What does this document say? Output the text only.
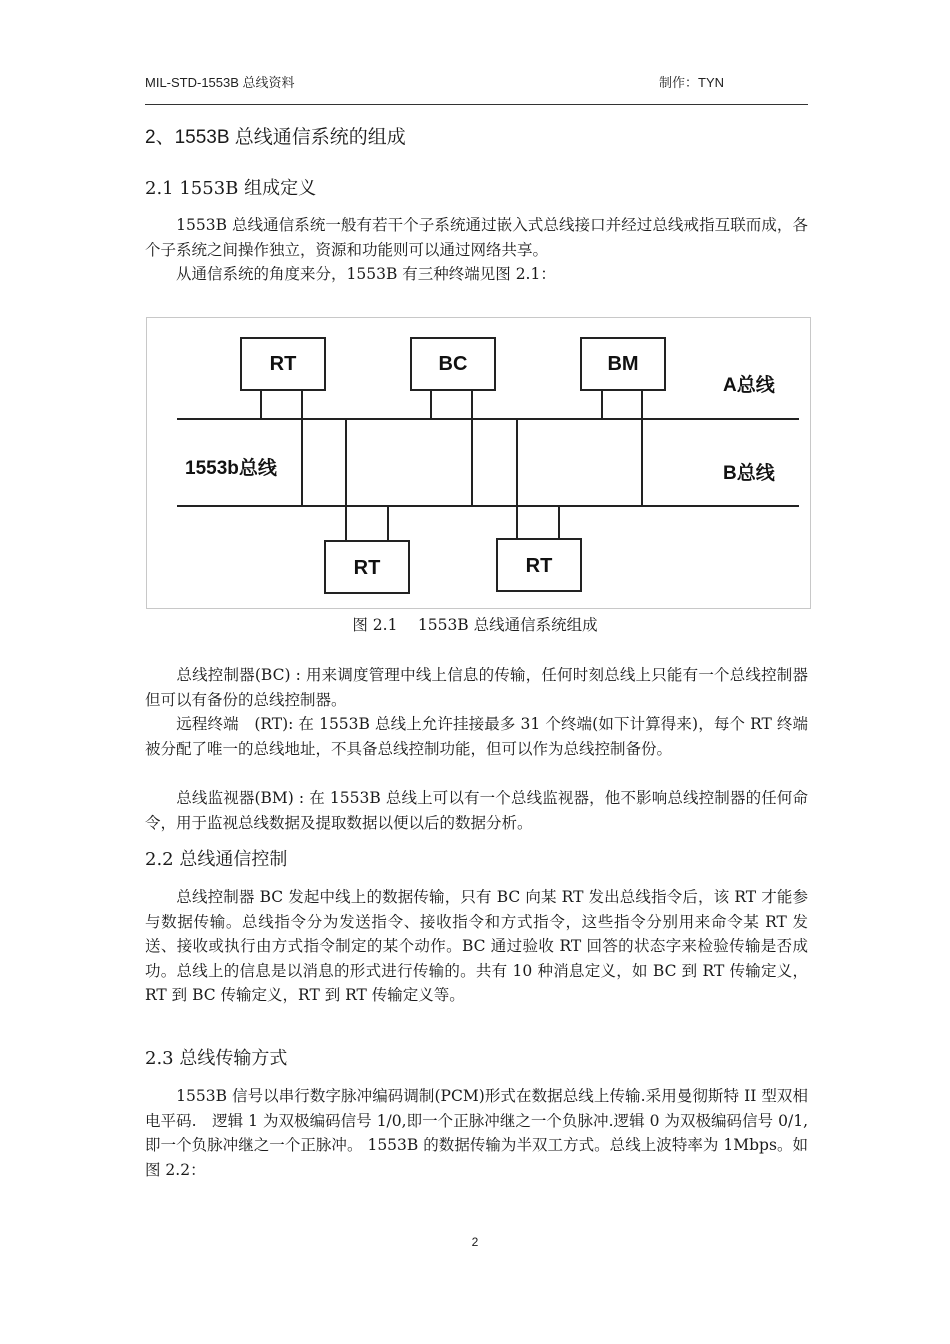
MIL-STD-1553B 总线资料	制作：TYN
2、1553B 总线通信系统的组成
2.1 1553B 组成定义
　　1553B 总线通信系统一般有若干个子系统通过嵌入式总线接口并经过总线戒指互联而成，各个子系统之间操作独立，资源和功能则可以通过网络共享。
　　从通信系统的角度来分，1553B 有三种终端见图 2.1：
RT	BC	BM
RT	RT
A总线
B总线
1553b总线
图 2.1　 1553B 总线通信系统组成
　　总线控制器(BC) : 用来调度管理中线上信息的传输，任何时刻总线上只能有一个总线控制器但可以有备份的总线控制器。
　　远程终端　(RT): 在 1553B 总线上允许挂接最多 31 个终端(如下计算得来)，每个 RT 终端被分配了唯一的总线地址，不具备总线控制功能，但可以作为总线控制备份。
　　总线监视器(BM) : 在 1553B 总线上可以有一个总线监视器，他不影响总线控制器的任何命令，用于监视总线数据及提取数据以便以后的数据分析。
2.2 总线通信控制
　　总线控制器 BC 发起中线上的数据传输，只有 BC 向某 RT 发出总线指令后，该 RT 才能参与数据传输。总线指令分为发送指令、接收指令和方式指令，这些指令分别用来命令某 RT 发送、接收或执行由方式指令制定的某个动作。BC 通过验收 RT 回答的状态字来检验传输是否成功。总线上的信息是以消息的形式进行传输的。共有 10 种消息定义，如 BC 到 RT 传输定义，RT 到 BC 传输定义，RT 到 RT 传输定义等。
2.3 总线传输方式
　　1553B 信号以串行数字脉冲编码调制(PCM)形式在数据总线上传输.采用曼彻斯特 II 型双相电平码.　逻辑 1 为双极编码信号 1/0,即一个正脉冲继之一个负脉冲.逻辑 0 为双极编码信号 0/1,即一个负脉冲继之一个正脉冲。 1553B 的数据传输为半双工方式。总线上波特率为 1Mbps。如图 2.2：
2
